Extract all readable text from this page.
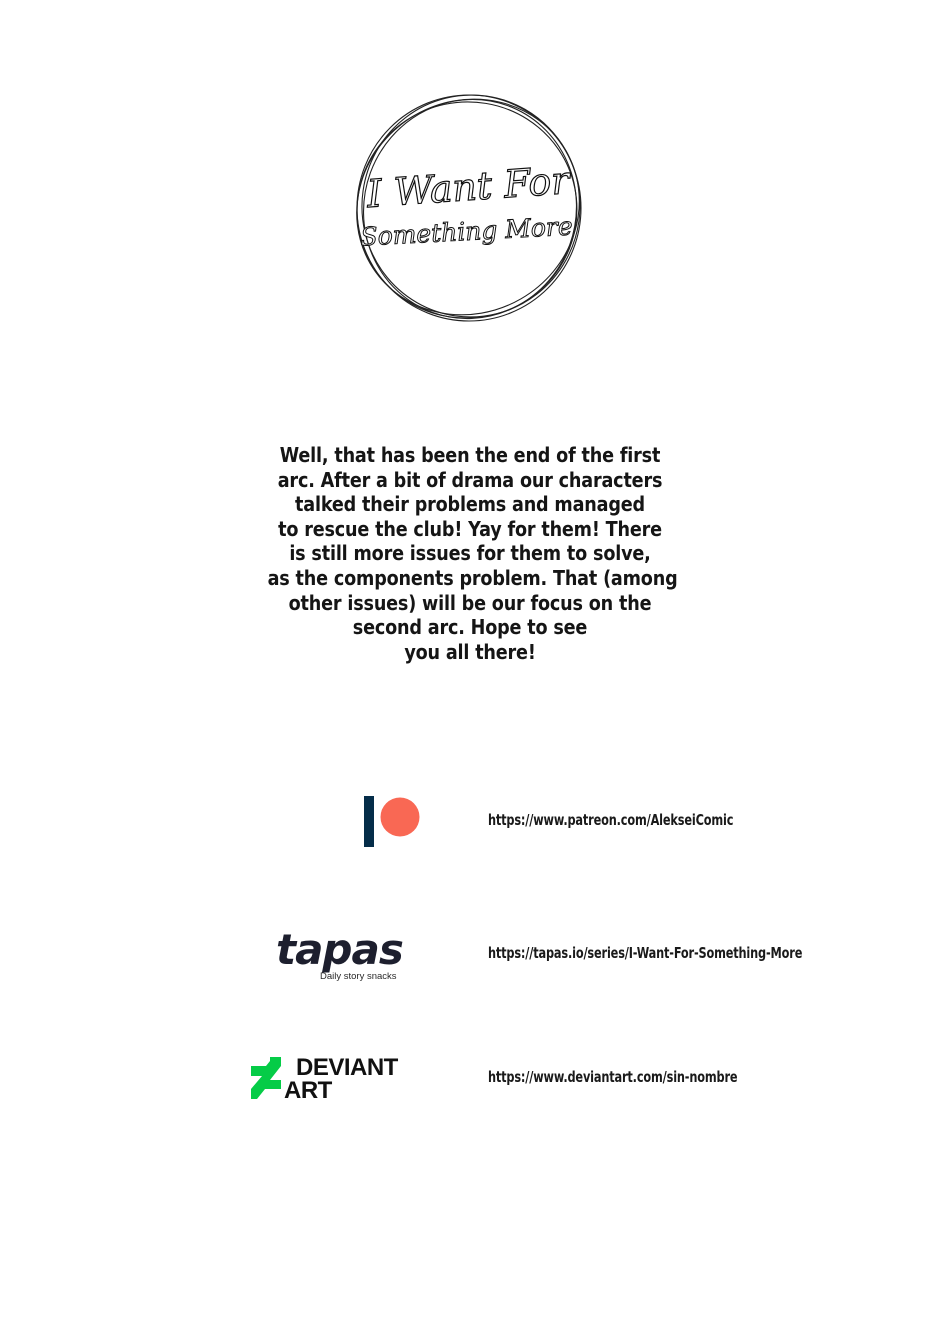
I Want For
Something More
Well, that has been the end of the first
arc. After a bit of drama our characters
talked their problems and managed
to rescue the club! Yay for them! There
is still more issues for them to solve,
as the components problem. That (among
other issues) will be our focus on the
second arc. Hope to see
you all there!
https://www.patreon.com/AlekseiComic
tapas
Daily story snacks
https://tapas.io/series/I-Want-For-Something-More
DEVIANT
ART	https://www.deviantart.com/sin-nombre
